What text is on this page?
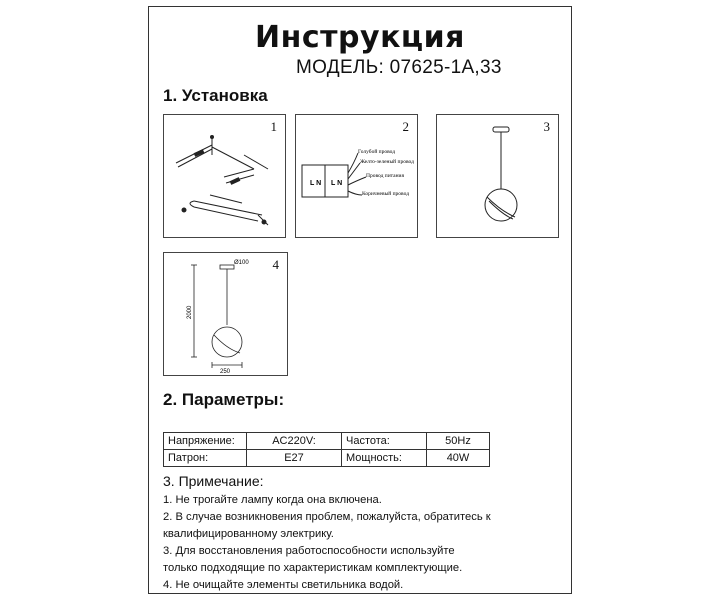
Инструкция
МОДЕЛЬ: 07625-1A,33
1. Установка
1	2
L N L N
Голубой провод
Желто-зеленый провод
Провод питания
Коричневый провод
3
4
Ø100
2000
250
2. Параметры:
Напряжение:	AC220V:	Частота:	50Hz
Патрон:	E27	Мощность:	40W
3. Примечание:
1. Не трогайте лампу когда она включена.
2. В случае возникновения проблем, пожалуйста, обратитесь к
квалифицированному электрику.
3. Для восстановления работоспособности используйте
только подходящие по характеристикам комплектующие.
4. Не очищайте элементы светильника водой.
